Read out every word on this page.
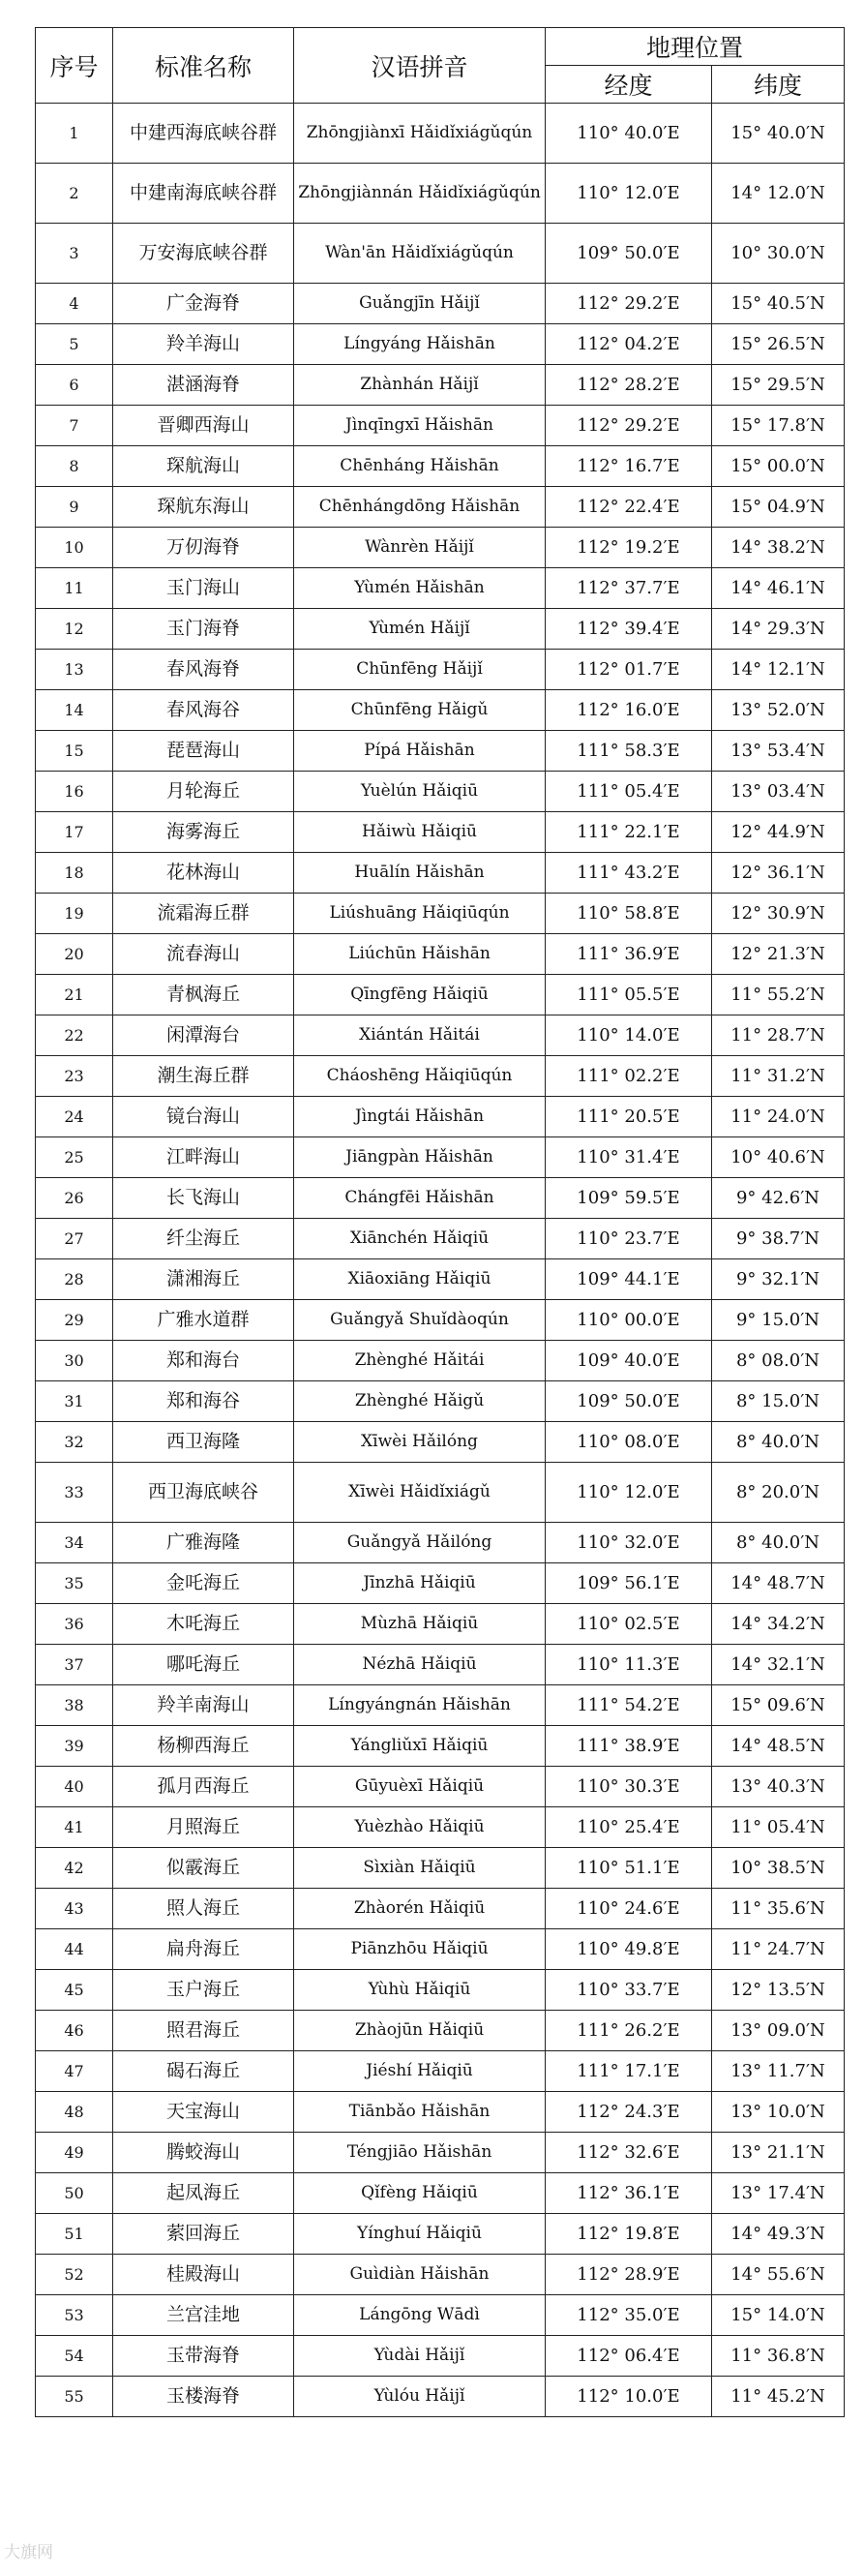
序号	标准名称	汉语拼音	地理位置	
			经度	纬度
1	中建西海底峡谷群	Zhōngjiànxī Hǎidǐxiágǔqún	110° 40.0′E	15° 40.0′N
2	中建南海底峡谷群	Zhōngjiànnán Hǎidǐxiágǔqún	110° 12.0′E	14° 12.0′N
3	万安海底峡谷群	Wàn'ān Hǎidǐxiágǔqún	109° 50.0′E	10° 30.0′N
4	广金海脊	Guǎngjīn Hǎijǐ	112° 29.2′E	15° 40.5′N
5	羚羊海山	Língyáng Hǎishān	112° 04.2′E	15° 26.5′N
6	湛涵海脊	Zhànhán Hǎijǐ	112° 28.2′E	15° 29.5′N
7	晋卿西海山	Jìnqīngxī Hǎishān	112° 29.2′E	15° 17.8′N
8	琛航海山	Chēnháng Hǎishān	112° 16.7′E	15° 00.0′N
9	琛航东海山	Chēnhángdōng Hǎishān	112° 22.4′E	15° 04.9′N
10	万仞海脊	Wànrèn Hǎijǐ	112° 19.2′E	14° 38.2′N
11	玉门海山	Yùmén Hǎishān	112° 37.7′E	14° 46.1′N
12	玉门海脊	Yùmén Hǎijǐ	112° 39.4′E	14° 29.3′N
13	春风海脊	Chūnfēng Hǎijǐ	112° 01.7′E	14° 12.1′N
14	春风海谷	Chūnfēng Hǎigǔ	112° 16.0′E	13° 52.0′N
15	琵琶海山	Pípá Hǎishān	111° 58.3′E	13° 53.4′N
16	月轮海丘	Yuèlún Hǎiqiū	111° 05.4′E	13° 03.4′N
17	海雾海丘	Hǎiwù Hǎiqiū	111° 22.1′E	12° 44.9′N
18	花林海山	Huālín Hǎishān	111° 43.2′E	12° 36.1′N
19	流霜海丘群	Liúshuāng Hǎiqiūqún	110° 58.8′E	12° 30.9′N
20	流春海山	Liúchūn Hǎishān	111° 36.9′E	12° 21.3′N
21	青枫海丘	Qīngfēng Hǎiqiū	111° 05.5′E	11° 55.2′N
22	闲潭海台	Xiántán Hǎitái	110° 14.0′E	11° 28.7′N
23	潮生海丘群	Cháoshēng Hǎiqiūqún	111° 02.2′E	11° 31.2′N
24	镜台海山	Jìngtái Hǎishān	111° 20.5′E	11° 24.0′N
25	江畔海山	Jiāngpàn Hǎishān	110° 31.4′E	10° 40.6′N
26	长飞海山	Chángfēi Hǎishān	109° 59.5′E	9° 42.6′N
27	纤尘海丘	Xiānchén Hǎiqiū	110° 23.7′E	9° 38.7′N
28	潇湘海丘	Xiāoxiāng Hǎiqiū	109° 44.1′E	9° 32.1′N
29	广雅水道群	Guǎngyǎ Shuǐdàoqún	110° 00.0′E	9° 15.0′N
30	郑和海台	Zhènghé Hǎitái	109° 40.0′E	8° 08.0′N
31	郑和海谷	Zhènghé Hǎigǔ	109° 50.0′E	8° 15.0′N
32	西卫海隆	Xīwèi Hǎilóng	110° 08.0′E	8° 40.0′N
33	西卫海底峡谷	Xīwèi Hǎidǐxiágǔ	110° 12.0′E	8° 20.0′N
34	广雅海隆	Guǎngyǎ Hǎilóng	110° 32.0′E	8° 40.0′N
35	金吒海丘	Jīnzhā Hǎiqiū	109° 56.1′E	14° 48.7′N
36	木吒海丘	Mùzhā Hǎiqiū	110° 02.5′E	14° 34.2′N
37	哪吒海丘	Nézhā Hǎiqiū	110° 11.3′E	14° 32.1′N
38	羚羊南海山	Língyángnán Hǎishān	111° 54.2′E	15° 09.6′N
39	杨柳西海丘	Yángliǔxī Hǎiqiū	111° 38.9′E	14° 48.5′N
40	孤月西海丘	Gūyuèxī Hǎiqiū	110° 30.3′E	13° 40.3′N
41	月照海丘	Yuèzhào Hǎiqiū	110° 25.4′E	11° 05.4′N
42	似霰海丘	Sìxiàn Hǎiqiū	110° 51.1′E	10° 38.5′N
43	照人海丘	Zhàorén Hǎiqiū	110° 24.6′E	11° 35.6′N
44	扁舟海丘	Piānzhōu Hǎiqiū	110° 49.8′E	11° 24.7′N
45	玉户海丘	Yùhù Hǎiqiū	110° 33.7′E	12° 13.5′N
46	照君海丘	Zhàojūn Hǎiqiū	111° 26.2′E	13° 09.0′N
47	碣石海丘	Jiéshí Hǎiqiū	111° 17.1′E	13° 11.7′N
48	天宝海山	Tiānbǎo Hǎishān	112° 24.3′E	13° 10.0′N
49	腾蛟海山	Téngjiāo Hǎishān	112° 32.6′E	13° 21.1′N
50	起凤海丘	Qǐfèng Hǎiqiū	112° 36.1′E	13° 17.4′N
51	萦回海丘	Yínghuí Hǎiqiū	112° 19.8′E	14° 49.3′N
52	桂殿海山	Guìdiàn Hǎishān	112° 28.9′E	14° 55.6′N
53	兰宫洼地	Lángōng Wādì	112° 35.0′E	15° 14.0′N
54	玉带海脊	Yùdài Hǎijǐ	112° 06.4′E	11° 36.8′N
55	玉楼海脊	Yùlóu Hǎijǐ	112° 10.0′E	11° 45.2′N
大旗网
